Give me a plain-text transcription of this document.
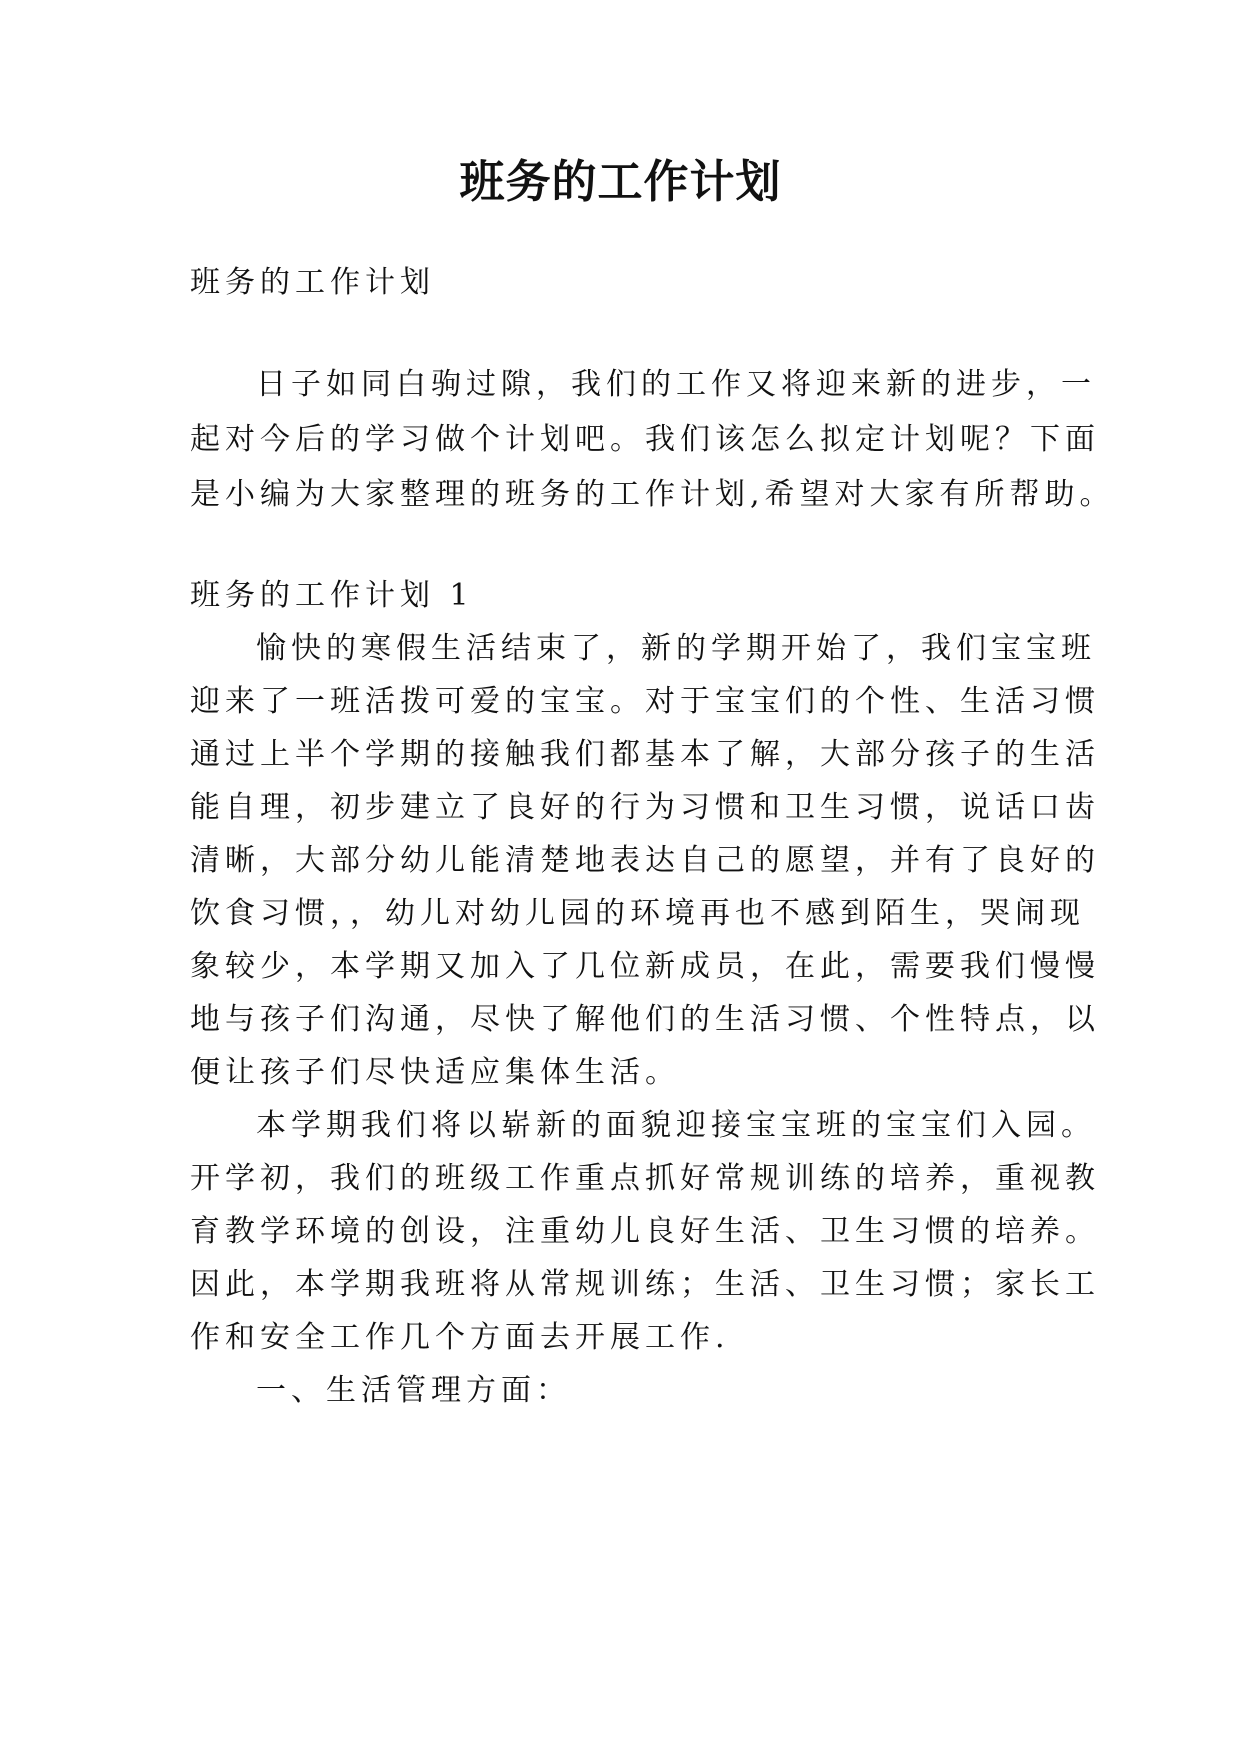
班务的工作计划
班务的工作计划
日子如同白驹过隙，我们的工作又将迎来新的进步，一
起对今后的学习做个计划吧。我们该怎么拟定计划呢？下面
是小编为大家整理的班务的工作计划,希望对大家有所帮助。
班务的工作计划 1
愉快的寒假生活结束了，新的学期开始了，我们宝宝班
迎来了一班活拨可爱的宝宝。对于宝宝们的个性、生活习惯
通过上半个学期的接触我们都基本了解，大部分孩子的生活
能自理，初步建立了良好的行为习惯和卫生习惯，说话口齿
清晰，大部分幼儿能清楚地表达自己的愿望，并有了良好的
饮食习惯，，幼儿对幼儿园的环境再也不感到陌生，哭闹现
象较少，本学期又加入了几位新成员，在此，需要我们慢慢
地与孩子们沟通，尽快了解他们的生活习惯、个性特点，以
便让孩子们尽快适应集体生活。
本学期我们将以崭新的面貌迎接宝宝班的宝宝们入园。
开学初，我们的班级工作重点抓好常规训练的培养，重视教
育教学环境的创设，注重幼儿良好生活、卫生习惯的培养。
因此，本学期我班将从常规训练；生活、卫生习惯；家长工
作和安全工作几个方面去开展工作.
一、生活管理方面：
